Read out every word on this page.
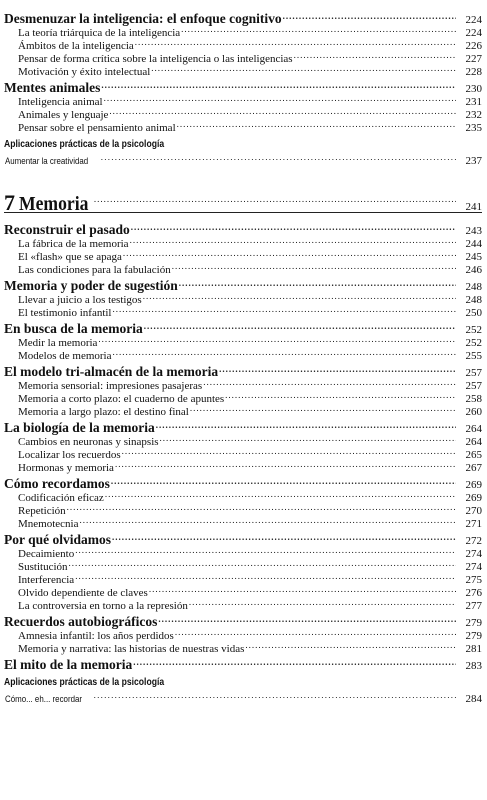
Desmenuzar la inteligencia: el enfoque cognitivo .....	224
La teoría triárquica de la inteligencia .....	224
Ámbitos de la inteligencia .....	226
Pensar de forma crítica sobre la inteligencia o las inteligencias .....	227
Motivación y éxito intelectual .....	228
Mentes animales .....	230
Inteligencia animal .....	231
Animales y lenguaje .....	232
Pensar sobre el pensamiento animal .....	235
Aplicaciones prácticas de la psicología
Aumentar la creatividad .....	237
7 Memoria .....	241
Reconstruir el pasado .....	243
La fábrica de la memoria .....	244
El «flash» que se apaga .....	245
Las condiciones para la fabulación .....	246
Memoria y poder de sugestión .....	248
Llevar a juicio a los testigos .....	248
El testimonio infantil .....	250
En busca de la memoria .....	252
Medir la memoria .....	252
Modelos de memoria .....	255
El modelo tri-almacén de la memoria .....	257
Memoria sensorial: impresiones pasajeras .....	257
Memoria a corto plazo: el cuaderno de apuntes .....	258
Memoria a largo plazo: el destino final .....	260
La biología de la memoria .....	264
Cambios en neuronas y sinapsis .....	264
Localizar los recuerdos .....	265
Hormonas y memoria .....	267
Cómo recordamos .....	269
Codificación eficaz .....	269
Repetición .....	270
Mnemotecnia .....	271
Por qué olvidamos .....	272
Decaimiento .....	274
Sustitución .....	274
Interferencia .....	275
Olvido dependiente de claves .....	276
La controversia en torno a la represión .....	277
Recuerdos autobiográficos .....	279
Amnesia infantil: los años perdidos .....	279
Memoria y narrativa: las historias de nuestras vidas .....	281
El mito de la memoria .....	283
Aplicaciones prácticas de la psicología
Cómo... eh... recordar .....	284
